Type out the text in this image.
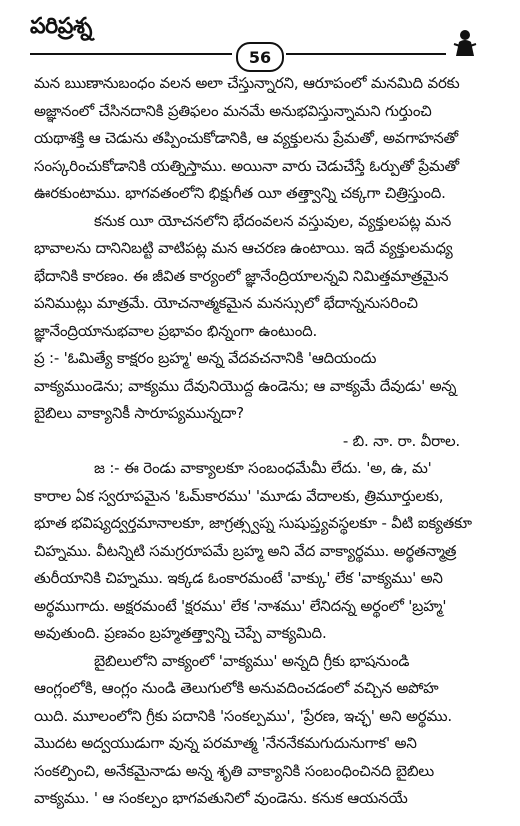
పరిప్రశ్న
56
మన ఋణానుబంధం వలన అలా చేస్తున్నారని, ఆరూపంలో మనమిది వరకు
అజ్ఞానంలో చేసినదానికి ప్రతిఫలం మనమే అనుభవిస్తున్నామని గుర్తుంచి
యథాశక్తి ఆ చెడును తప్పించుకోడానికి, ఆ వ్యక్తులను ప్రేమతో, అవగాహనతో
సంస్కరించుకోడానికి యత్నిస్తాము. అయినా వారు చెడుచేస్తే ఓర్పుతో ప్రేమతో
ఊరకుంటాము. భాగవతంలోని భిక్షుగీత యీ తత్త్వాన్ని చక్కగా చిత్రిస్తుంది.
కనుక యీ యోచనలోని భేదంవలన వస్తువుల, వ్యక్తులపట్ల మన
భావాలను దానినిబట్టి వాటిపట్ల మన ఆచరణ ఉంటాయి. ఇదే వ్యక్తులమధ్య
భేదానికి కారణం. ఈ జీవిత కార్యంలో జ్ఞానేంద్రియాలన్నవి నిమిత్తమాత్రమైన
పనిముట్లు మాత్రమే. యోచనాత్మకమైన మనస్సులో భేదాన్ననుసరించి
జ్ఞానేంద్రియానుభవాల ప్రభావం భిన్నంగా ఉంటుంది.
ప్ర :- 'ఓమిత్యే కాక్షరం బ్రహ్మ' అన్న వేదవచనానికి 'ఆదియందు
వాక్యముండెను; వాక్యము దేవునియొద్ద ఉండెను; ఆ వాక్యమే దేవుడు' అన్న
బైబిలు వాక్యానికీ సారూప్యమున్నదా?
- బి. నా. రా. వీరాల.
జ :- ఈ రెండు వాక్యాలకూ సంబంధమేమీ లేదు. 'అ, ఉ, మ'
కారాల ఏక స్వరూపమైన 'ఓమ్‌కారము' 'మూడు వేదాలకు, త్రిమూర్తులకు,
భూత భవిష్యద్వర్తమానాలకూ, జాగ్రత్స్వప్న సుషుప్త్యవస్థలకూ - వీటి ఐక్యతకూ
చిహ్నము. వీటన్నిటి సమగ్రరూపమే బ్రహ్మ అని వేద వాక్యార్థము. అర్థతన్మాత్ర
తురీయానికి చిహ్నము. ఇక్కడ ఓంకారమంటే 'వాక్కు' లేక 'వాక్యము' అని
అర్థముగాదు. అక్షరమంటే 'క్షరము' లేక 'నాశము' లేనిదన్న అర్థంలో 'బ్రహ్మ'
అవుతుంది. ప్రణవం బ్రహ్మతత్త్వాన్ని చెప్పే వాక్యమిది.
బైబిలులోని వాక్యంలో 'వాక్యము' అన్నది గ్రీకు భాషనుండి
ఆంగ్లంలోకి, ఆంగ్లం నుండి తెలుగులోకి అనువదించడంలో వచ్చిన అపోహ
యిది. మూలంలోని గ్రీకు పదానికి 'సంకల్పము', 'ప్రేరణ, ఇచ్ఛ' అని అర్థము.
మొదట అద్వయుడుగా వున్న పరమాత్మ 'నేననేకమగుదునుగాక' అని
సంకల్పించి, అనేకమైనాడు అన్న శృతి వాక్యానికి సంబంధించినది బైబిలు
వాక్యము. ' ఆ సంకల్పం భాగవతునిలో వుండెను. కనుక ఆయనయే
